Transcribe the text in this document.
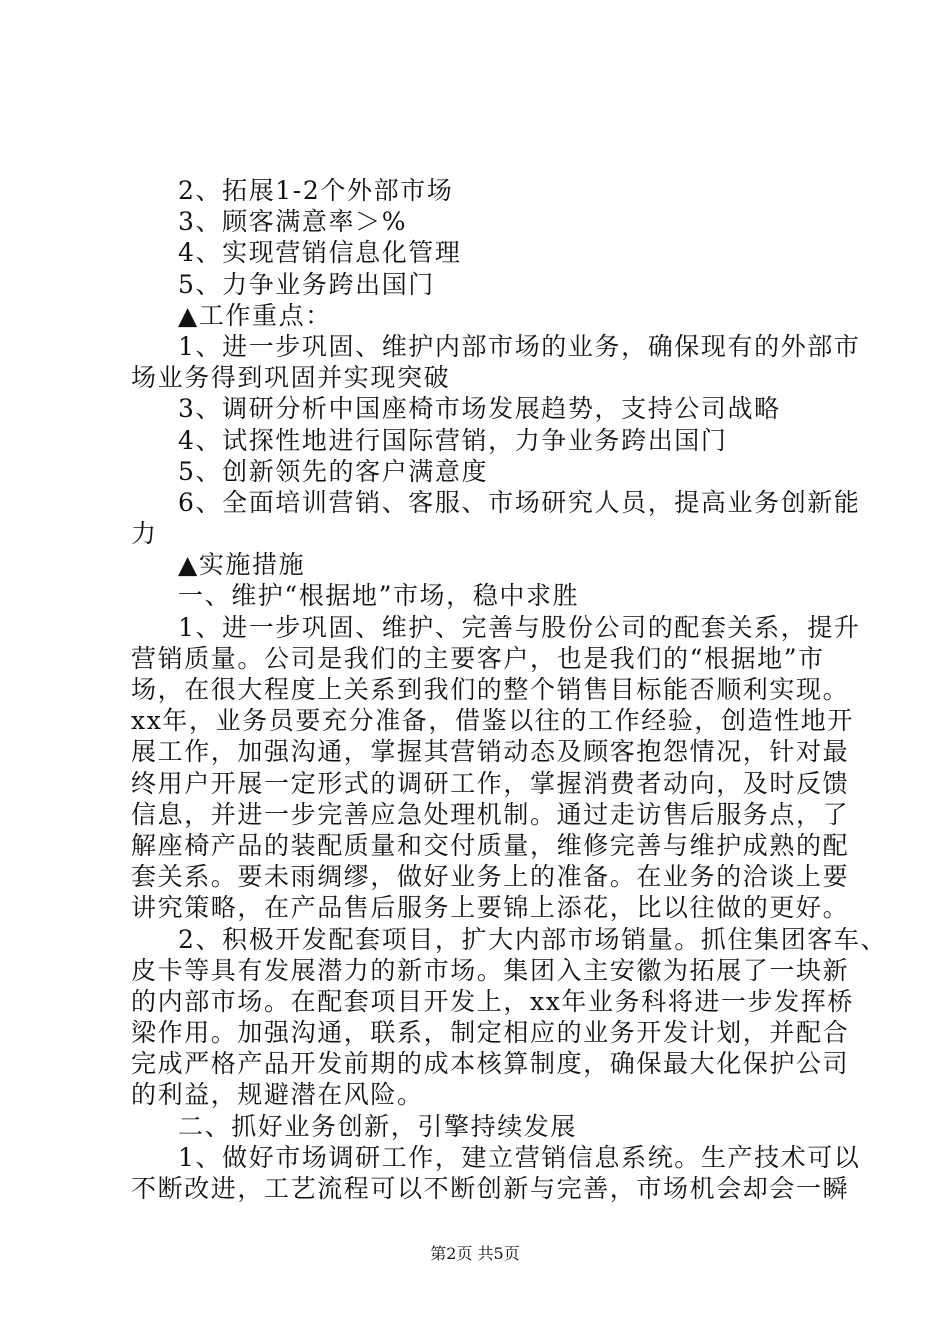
2、拓展1-2个外部市场
3、顾客满意率＞%
4、实现营销信息化管理
5、力争业务跨出国门
▲工作重点：
1、进一步巩固、维护内部市场的业务，确保现有的外部市
场业务得到巩固并实现突破
3、调研分析中国座椅市场发展趋势，支持公司战略
4、试探性地进行国际营销，力争业务跨出国门
5、创新领先的客户满意度
6、全面培训营销、客服、市场研究人员，提高业务创新能
力
▲实施措施
一、维护“根据地”市场，稳中求胜
1、进一步巩固、维护、完善与股份公司的配套关系，提升
营销质量。公司是我们的主要客户，也是我们的“根据地”市
场，在很大程度上关系到我们的整个销售目标能否顺利实现。
xx年，业务员要充分准备，借鉴以往的工作经验，创造性地开
展工作，加强沟通，掌握其营销动态及顾客抱怨情况，针对最
终用户开展一定形式的调研工作，掌握消费者动向，及时反馈
信息，并进一步完善应急处理机制。通过走访售后服务点，了
解座椅产品的装配质量和交付质量，维修完善与维护成熟的配
套关系。要未雨绸缪，做好业务上的准备。在业务的洽谈上要
讲究策略，在产品售后服务上要锦上添花，比以往做的更好。
2、积极开发配套项目，扩大内部市场销量。抓住集团客车、
皮卡等具有发展潜力的新市场。集团入主安徽为拓展了一块新
的内部市场。在配套项目开发上，xx年业务科将进一步发挥桥
梁作用。加强沟通，联系，制定相应的业务开发计划，并配合
完成严格产品开发前期的成本核算制度，确保最大化保护公司
的利益，规避潜在风险。
二、抓好业务创新，引擎持续发展
1、做好市场调研工作，建立营销信息系统。生产技术可以
不断改进，工艺流程可以不断创新与完善，市场机会却会一瞬
第2页 共5页
